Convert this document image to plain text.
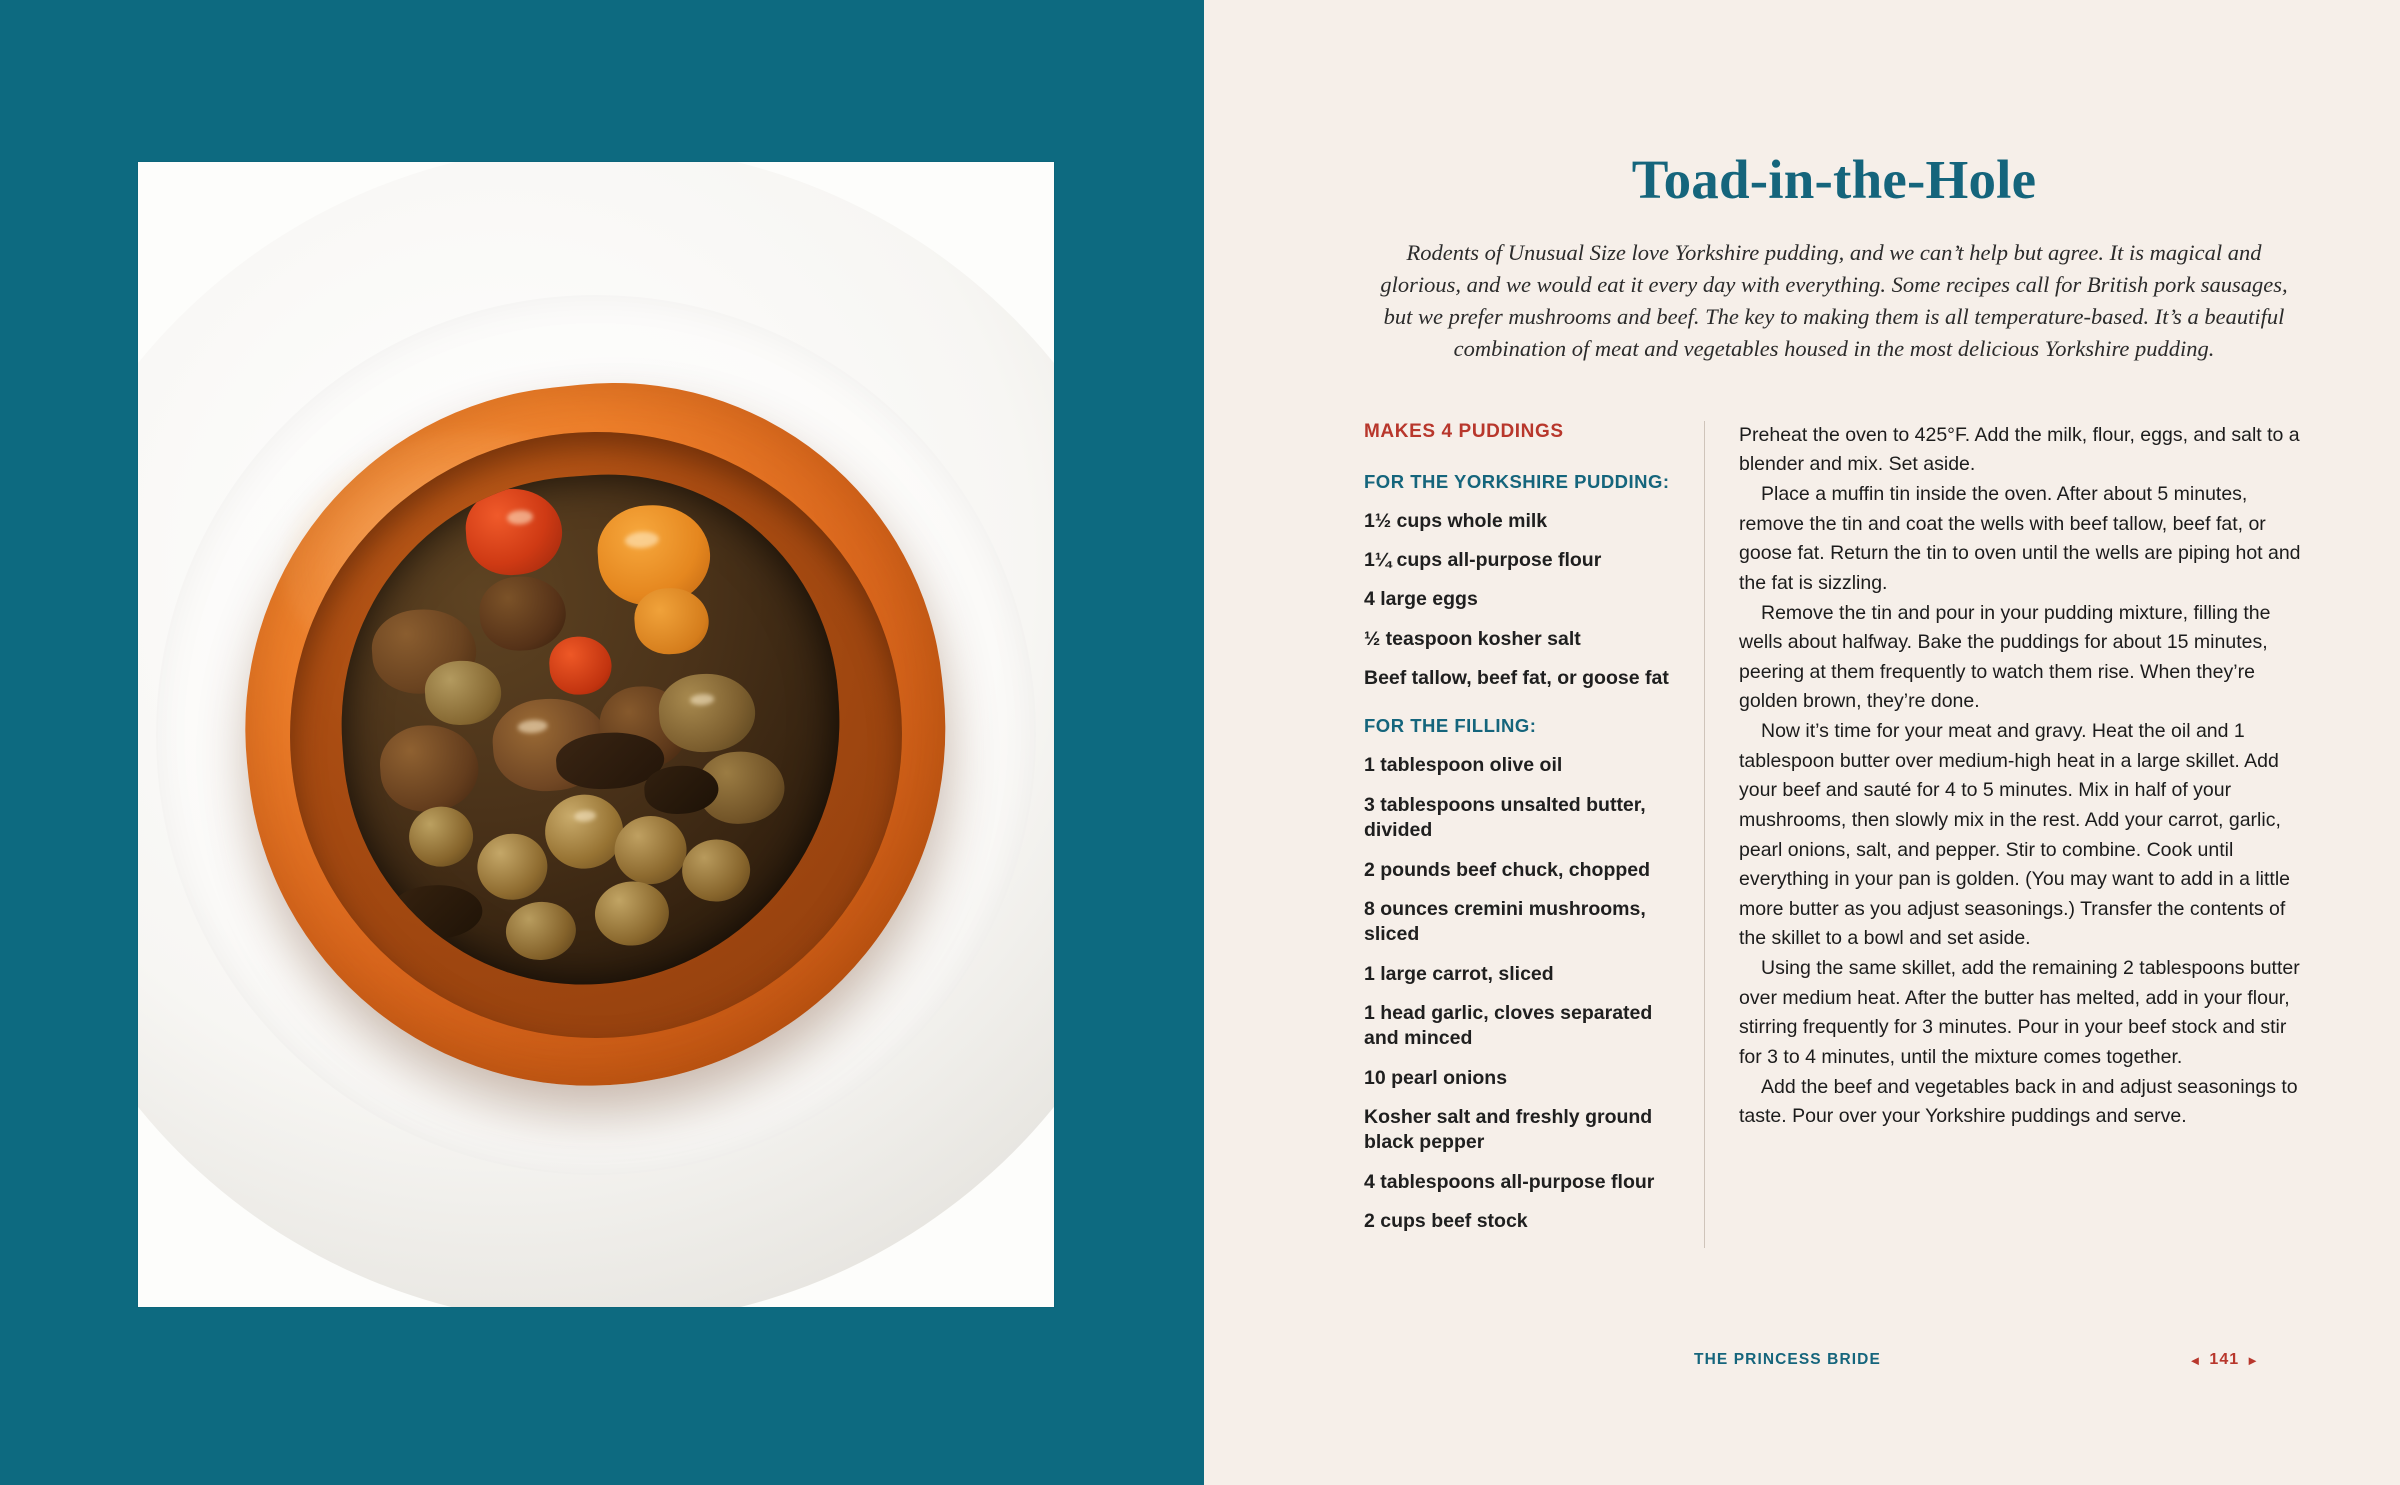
Toad-in-the-Hole
Rodents of Unusual Size love Yorkshire pudding, and we can’t help but agree. It is magical and glorious, and we would eat it every day with everything. Some recipes call for British pork sausages, but we prefer mushrooms and beef. The key to making them is all temperature-based. It’s a beautiful combination of meat and vegetables housed in the most delicious Yorkshire pudding.
MAKES 4 PUDDINGS
FOR THE YORKSHIRE PUDDING:
1½ cups whole milk
1¼ cups all-purpose flour
4 large eggs
½ teaspoon kosher salt
Beef tallow, beef fat, or goose fat
FOR THE FILLING:
1 tablespoon olive oil
3 tablespoons unsalted butter, divided
2 pounds beef chuck, chopped
8 ounces cremini mushrooms, sliced
1 large carrot, sliced
1 head garlic, cloves separated and minced
10 pearl onions
Kosher salt and freshly ground black pepper
4 tablespoons all-purpose flour
2 cups beef stock

Preheat the oven to 425°F. Add the milk, flour, eggs, and salt to a blender and mix. Set aside.

Place a muffin tin inside the oven. After about 5 minutes, remove the tin and coat the wells with beef tallow, beef fat, or goose fat. Return the tin to oven until the wells are piping hot and the fat is sizzling.

Remove the tin and pour in your pudding mixture, filling the wells about halfway. Bake the puddings for about 15 minutes, peering at them frequently to watch them rise. When they’re golden brown, they’re done.

Now it’s time for your meat and gravy. Heat the oil and 1 tablespoon butter over medium-high heat in a large skillet. Add your beef and sauté for 4 to 5 minutes. Mix in half of your mushrooms, then slowly mix in the rest. Add your carrot, garlic, pearl onions, salt, and pepper. Stir to combine. Cook until everything in your pan is golden. (You may want to add in a little more butter as you adjust seasonings.) Transfer the contents of the skillet to a bowl and set aside.

Using the same skillet, add the remaining 2 tablespoons butter over medium heat. After the butter has melted, add in your flour, stirring frequently for 3 minutes. Pour in your beef stock and stir for 3 to 4 minutes, until the mixture comes together.

Add the beef and vegetables back in and adjust seasonings to taste. Pour over your Yorkshire puddings and serve.

THE PRINCESS BRIDE	◄ 141 ►
